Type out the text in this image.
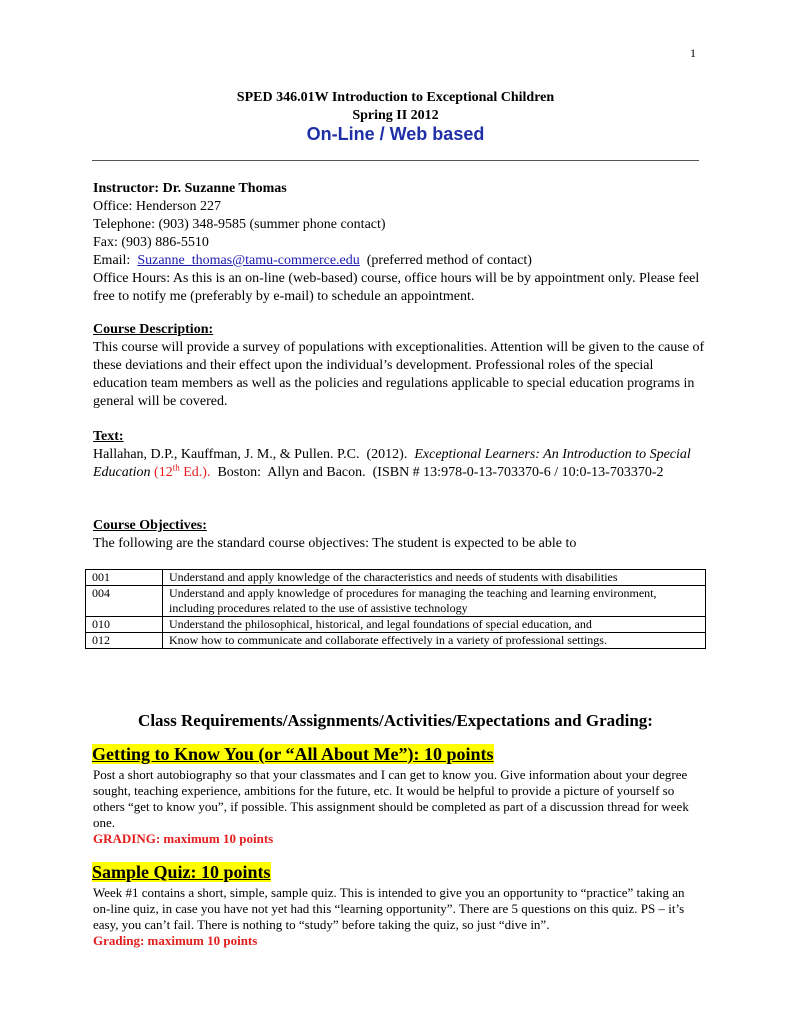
1
SPED 346.01W Introduction to Exceptional Children
Spring II 2012
On-Line / Web based
Instructor: Dr. Suzanne Thomas
Office: Henderson 227
Telephone: (903) 348-9585 (summer phone contact)
Fax: (903) 886-5510
Email:  Suzanne_thomas@tamu-commerce.edu  (preferred method of contact)
Office Hours: As this is an on-line (web-based) course, office hours will be by appointment only. Please feel free to notify me (preferably by e-mail) to schedule an appointment.
Course Description:
This course will provide a survey of populations with exceptionalities. Attention will be given to the cause of these deviations and their effect upon the individual’s development. Professional roles of the special education team members as well as the policies and regulations applicable to special education programs in general will be covered.
Text:
Hallahan, D.P., Kauffman, J. M., & Pullen. P.C.  (2012).  Exceptional Learners: An Introduction to Special Education (12th Ed.).  Boston:  Allyn and Bacon.  (ISBN # 13:978-0-13-703370-6 / 10:0-13-703370-2
Course Objectives:
The following are the standard course objectives: The student is expected to be able to
001	Understand and apply knowledge of the characteristics and needs of students with disabilities
004	Understand and apply knowledge of procedures for managing the teaching and learning environment, including procedures related to the use of assistive technology
010	Understand the philosophical, historical, and legal foundations of special education, and
012	Know how to communicate and collaborate effectively in a variety of professional settings.
Class Requirements/Assignments/Activities/Expectations and Grading:
Getting to Know You (or “All About Me”): 10 points
Post a short autobiography so that your classmates and I can get to know you. Give information about your degree sought, teaching experience, ambitions for the future, etc. It would be helpful to provide a picture of yourself so others “get to know you”, if possible. This assignment should be completed as part of a discussion thread for week one.
GRADING: maximum 10 points
Sample Quiz: 10 points
Week #1 contains a short, simple, sample quiz. This is intended to give you an opportunity to “practice” taking an on-line quiz, in case you have not yet had this “learning opportunity”. There are 5 questions on this quiz. PS – it’s easy, you can’t fail. There is nothing to “study” before taking the quiz, so just “dive in”.
Grading: maximum 10 points
